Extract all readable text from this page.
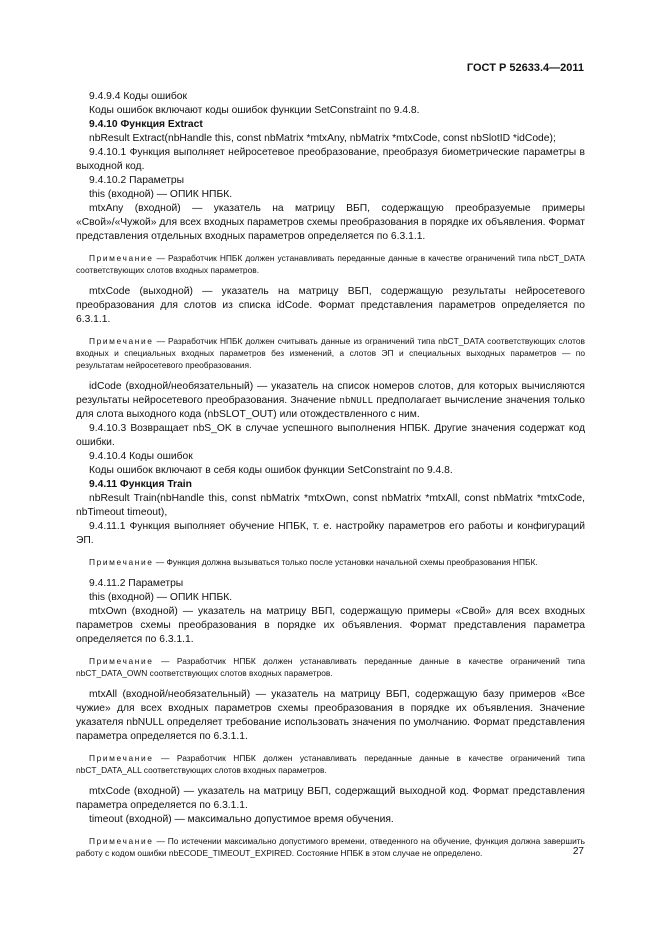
ГОСТ Р 52633.4—2011

9.4.9.4 Коды ошибок

Коды ошибок включают коды ошибок функции SetConstraint по 9.4.8.

9.4.10 Функция Extract

nbResult Extract(nbHandle this, const nbMatrix *mtxAny, nbMatrix *mtxCode, const nbSlotID *idCode);

9.4.10.1 Функция выполняет нейросетевое преобразование, преобразуя биометрические параметры в выходной код.

9.4.10.2 Параметры

this (входной) — ОПИК НПБК.

mtxAny (входной) — указатель на матрицу ВБП, содержащую преобразуемые примеры «Свой»/«Чужой» для всех входных параметров схемы преобразования в порядке их объявления. Формат представления отдельных входных параметров определяется по 6.3.1.1.

Примечание — Разработчик НПБК должен устанавливать переданные данные в качестве ограничений типа nbCT_DATA соответствующих слотов входных параметров.

mtxCode (выходной) — указатель на матрицу ВБП, содержащую результаты нейросетевого преобразования для слотов из списка idCode. Формат представления параметров определяется по 6.3.1.1.

Примечание — Разработчик НПБК должен считывать данные из ограничений типа nbCT_DATA соответствующих слотов входных и специальных входных параметров без изменений, а слотов ЭП и специальных выходных параметров — по результатам нейросетевого преобразования.

idCode (входной/необязательный) — указатель на список номеров слотов, для которых вычисляются результаты нейросетевого преобразования. Значение nbNULL предполагает вычисление значения только для слота выходного кода (nbSLOT_OUT) или отождествленного с ним.

9.4.10.3 Возвращает nbS_OK в случае успешного выполнения НПБК. Другие значения содержат код ошибки.

9.4.10.4 Коды ошибок

Коды ошибок включают в себя коды ошибок функции SetConstraint по 9.4.8.

9.4.11 Функция Train

nbResult Train(nbHandle this, const nbMatrix *mtxOwn, const nbMatrix *mtxAll, const nbMatrix *mtxCode, nbTimeout timeout),

9.4.11.1 Функция выполняет обучение НПБК, т. е. настройку параметров его работы и конфигураций ЭП.

Примечание — Функция должна вызываться только после установки начальной схемы преобразования НПБК.

9.4.11.2 Параметры

this (входной) — ОПИК НПБК.

mtxOwn (входной) — указатель на матрицу ВБП, содержащую примеры «Свой» для всех входных параметров схемы преобразования в порядке их объявления. Формат представления параметра определяется по 6.3.1.1.

Примечание — Разработчик НПБК должен устанавливать переданные данные в качестве ограничений типа nbCT_DATA_OWN соответствующих слотов входных параметров.

mtxAll (входной/необязательный) — указатель на матрицу ВБП, содержащую базу примеров «Все чужие» для всех входных параметров схемы преобразования в порядке их объявления. Значение указателя nbNULL определяет требование использовать значения по умолчанию. Формат представления параметра определяется по 6.3.1.1.

Примечание — Разработчик НПБК должен устанавливать переданные данные в качестве ограничений типа nbCT_DATA_ALL соответствующих слотов входных параметров.

mtxCode (входной) — указатель на матрицу ВБП, содержащий выходной код. Формат представления параметра определяется по 6.3.1.1.

timeout (входной) — максимально допустимое время обучения.

Примечание — По истечении максимально допустимого времени, отведенного на обучение, функция должна завершить работу с кодом ошибки nbECODE_TIMEOUT_EXPIRED. Состояние НПБК в этом случае не определено.	27
